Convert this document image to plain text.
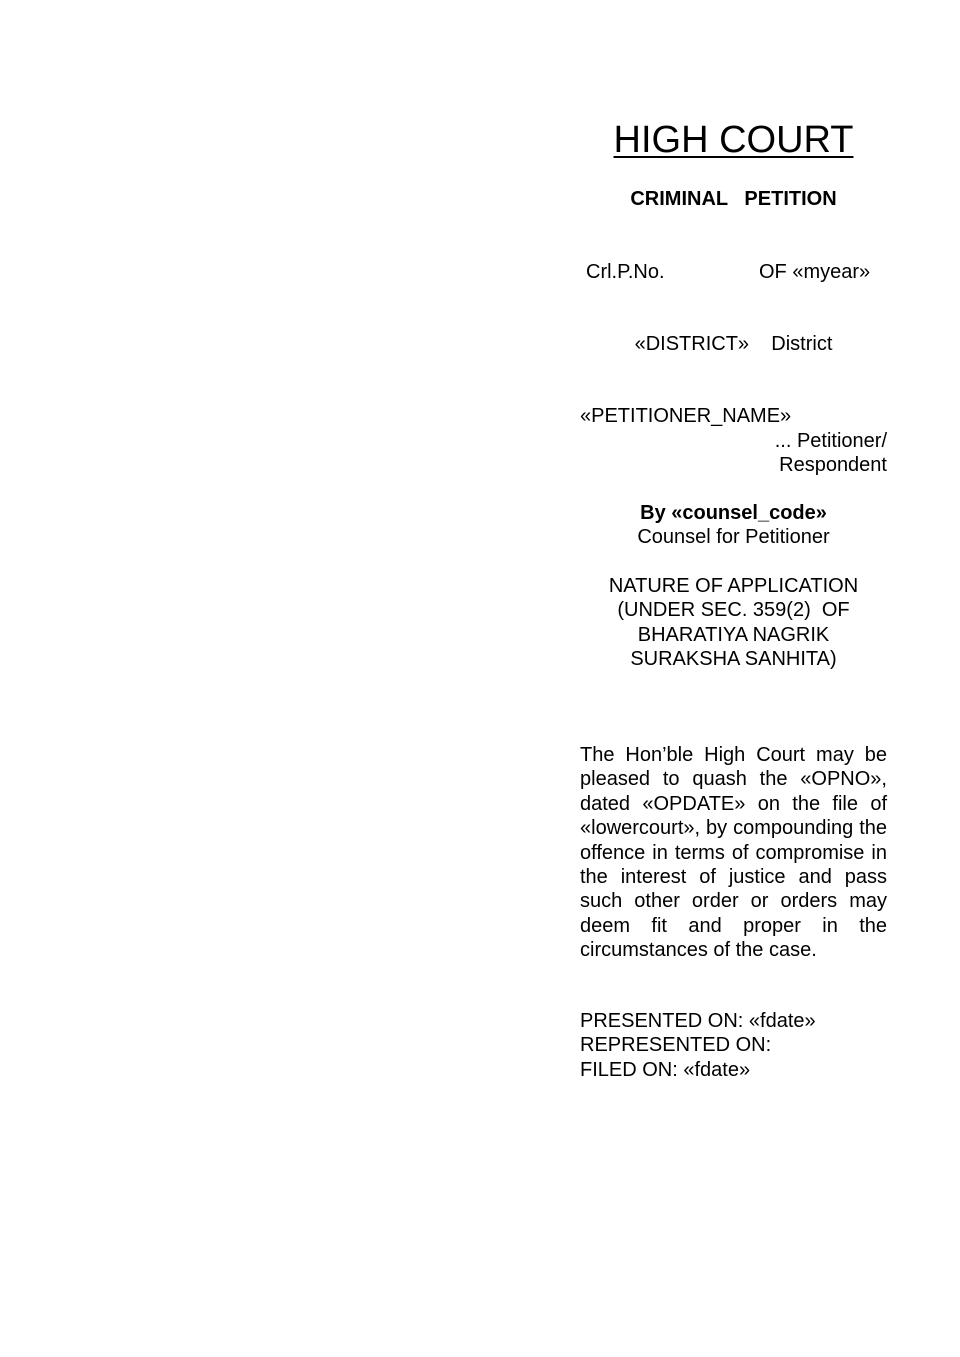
HIGH COURT
CRIMINAL   PETITION
Crl.P.No.	OF «myear»
«DISTRICT»    District
«PETITIONER_NAME»
... Petitioner/
Respondent
By «counsel_code»
Counsel for Petitioner
NATURE OF APPLICATION
(UNDER SEC. 359(2)  OF
BHARATIYA NAGRIK
SURAKSHA SANHITA)
The Hon’ble High Court may be pleased to quash the «OPNO», dated «OPDATE» on the file of «lowercourt», by compounding the offence in terms of compromise in the interest of justice and pass such other order or orders may deem fit and proper in the circumstances of the case.
PRESENTED ON: «fdate»
REPRESENTED ON:
FILED ON: «fdate»
